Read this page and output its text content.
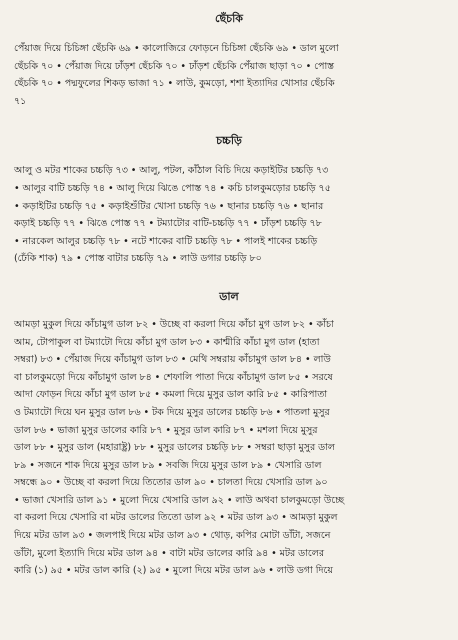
ছেঁচকি
পেঁয়াজ দিয়ে চিচিঙ্গা ছেঁচকি ৬৯ • কালোজিরে ফোড়নে চিচিঙ্গা ছেঁচকি ৬৯ • ডাল মুলো
ছেঁচকি ৭০ • পেঁয়াজ দিয়ে ঢাঁড়শ ছেঁচকি ৭০ • ঢাঁড়শ ছেঁচকি পেঁয়াজ ছাড়া ৭০ • পোস্ত
ছেঁচকি ৭০ • পদ্মফুলের শিকড় ভাজা ৭১ • লাউ, কুমড়ো, শশা ইত্যাদির খোসার ছেঁচকি
৭১
চচ্চড়ি
আলু ও মটর শাকের চচ্চড়ি ৭৩ • আলু, পটল, কাঁঠাল বিচি দিয়ে কড়াইটির চচ্চড়ি ৭৩
• আলুর বাটি চচ্চড়ি ৭৪ • আলু দিয়ে ঝিঙে পোস্ত ৭৪ • কচি চালকুমড়োর চচ্চড়ি ৭৫
• কড়াইটির চচ্চড়ি ৭৫ • কড়াইশুঁটির খোসা চচ্চড়ি ৭৬ • ছানার চচ্চড়ি ৭৬ • ছানার
কড়াই চচ্চড়ি ৭৭ • ঝিঙে পোস্ত ৭৭ • টম্যাটোর বাটি-চচ্চড়ি ৭৭ • ঢাঁড়শ চচ্চড়ি ৭৮
• নারকেল আলুর চচ্চড়ি ৭৮ • নটে শাকের বাটি চচ্চড়ি ৭৮ • পালই শাকের চচ্চড়ি
(ঢেঁকি শাক) ৭৯ • পোস্ত বাটার চচ্চড়ি ৭৯ • লাউ ডগার চচ্চড়ি ৮০
ডাল
আমড়া মুকুল দিয়ে কাঁচামুগ ডাল ৮২ • উচ্ছে বা করলা দিয়ে কাঁচা মুগ ডাল ৮২ • কাঁচা
আম, টোপাকুল বা টম্যাটো দিয়ে কাঁচা মুগ ডাল ৮৩ • কাশ্মীরি কাঁচা মুগ ডাল (হাতা
সম্বরা) ৮৩ • পেঁয়াজ দিয়ে কাঁচামুগ ডাল ৮৩ • মেথি সম্বরায় কাঁচামুগ ডাল ৮৪ • লাউ
বা চালকুমড়ো দিয়ে কাঁচামুগ ডাল ৮৪ • শেফালি পাতা দিয়ে কাঁচামুগ ডাল ৮৫ • সরষে
আদা ফোড়ন দিয়ে কাঁচা মুগ ডাল ৮৫ • কমলা দিয়ে মুসুর ডাল কারি ৮৫ • কারিপাতা
ও টম্যাটো দিয়ে ঘন মুসুর ডাল ৮৬ • টক দিয়ে মুসুর ডালের চচ্চড়ি ৮৬ • পাতলা মুসুর
ডাল ৮৬ • ভাজা মুসুর ডালের কারি ৮৭ • মুসুর ডাল কারি ৮৭ • মশলা দিয়ে মুসুর
ডাল ৮৮ • মুসুর ডাল (মহারাষ্ট্র) ৮৮ • মুসুর ডালের চচ্চড়ি ৮৮ • সম্বরা ছাড়া মুসুর ডাল
৮৯ • সজনে শাক দিয়ে মুসুর ডাল ৮৯ • সবজি দিয়ে মুসুর ডাল ৮৯ • খেসারি ডাল
সম্বন্ধে ৯০ • উচ্ছে বা করলা দিয়ে তিতোর ডাল ৯০ • চালতা দিয়ে খেসারি ডাল ৯০
• ভাজা খেসারি ডাল ৯১ • মুলো দিয়ে খেসারি ডাল ৯২ • লাউ অথবা চালকুমড়ো উচ্ছে
বা করলা দিয়ে খেসারি বা মটর ডালের তিতো ডাল ৯২ • মটর ডাল ৯৩ • আমড়া মুকুল
দিয়ে মটর ডাল ৯৩ • জলপাই দিয়ে মটর ডাল ৯৩ • থোড়, কপির মোটা ডাঁটা, সজনে
ডাঁটা, মুলো ইত্যাদি দিয়ে মটর ডাল ৯৪ • বাটা মটর ডালের কারি ৯৪ • মটর ডালের
কারি (১) ৯৫ • মটর ডাল কারি (২) ৯৫ • মুলো দিয়ে মটর ডাল ৯৬ • লাউ ডগা দিয়ে
